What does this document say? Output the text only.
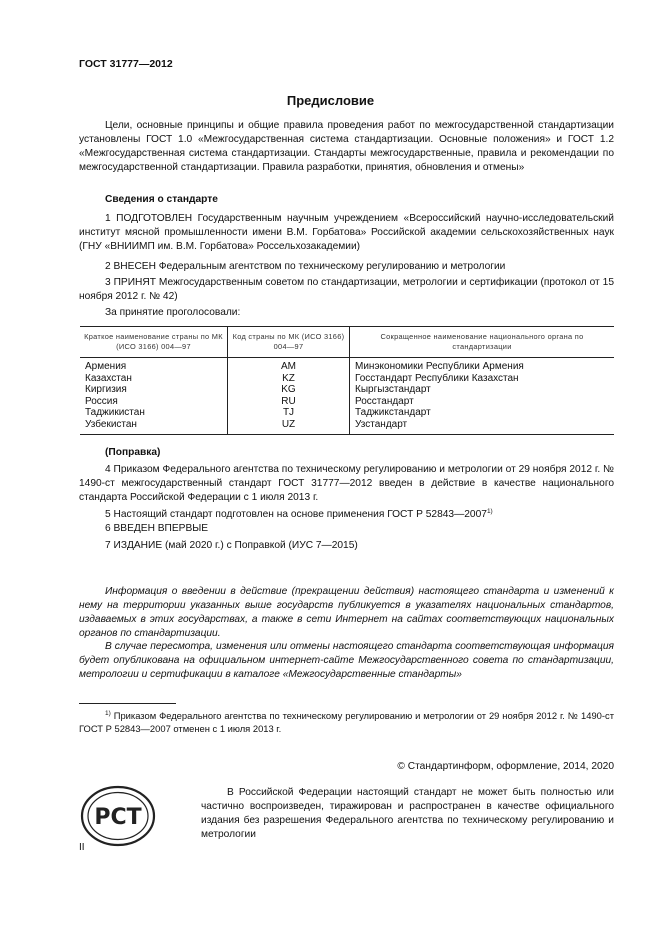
ГОСТ 31777—2012
Предисловие
Цели, основные принципы и общие правила проведения работ по межгосударственной стандартизации установлены ГОСТ 1.0 «Межгосударственная система стандартизации. Основные положения» и ГОСТ 1.2 «Межгосударственная система стандартизации. Стандарты межгосударственные, правила и рекомендации по межгосударственной стандартизации. Правила разработки, принятия, обновления и отмены»
Сведения о стандарте
1 ПОДГОТОВЛЕН Государственным научным учреждением «Всероссийский научно-исследовательский институт мясной промышленности имени В.М. Горбатова» Российской академии сельскохозяйственных наук (ГНУ «ВНИИМП им. В.М. Горбатова» Россельхозакадемии)
2 ВНЕСЕН Федеральным агентством по техническому регулированию и метрологии
3 ПРИНЯТ Межгосударственным советом по стандартизации, метрологии и сертификации (протокол от 15 ноября 2012 г. № 42)
За принятие проголосовали:
Краткое наименование страны по МК (ИСО 3166) 004—97	Код страны по МК (ИСО 3166) 004—97	Сокращенное наименование национального органа по стандартизации
Армения	AM	Минэкономики Республики Армения
Казахстан	KZ	Госстандарт Республики Казахстан
Киргизия	KG	Кыргызстандарт
Россия	RU	Росстандарт
Таджикистан	TJ	Таджикстандарт
Узбекистан	UZ	Узстандарт
(Поправка)
4 Приказом Федерального агентства по техническому регулированию и метрологии от 29 ноября 2012 г. № 1490-ст межгосударственный стандарт ГОСТ 31777—2012 введен в действие в качестве национального стандарта Российской Федерации с 1 июля 2013 г.
5 Настоящий стандарт подготовлен на основе применения ГОСТ Р 52843—2007$^{1)}$
6 ВВЕДЕН ВПЕРВЫЕ
7 ИЗДАНИЕ (май 2020 г.) с Поправкой (ИУС 7—2015)
Информация о введении в действие (прекращении действия) настоящего стандарта и изменений к нему на территории указанных выше государств публикуется в указателях национальных стандартов, издаваемых в этих государствах, а также в сети Интернет на сайтах соответствующих национальных органов по стандартизации.
В случае пересмотра, изменения или отмены настоящего стандарта соответствующая информация будет опубликована на официальном интернет-сайте Межгосударственного совета по стандартизации, метрологии и сертификации в каталоге «Межгосударственные стандарты»
$^{1)}$ Приказом Федерального агентства по техническому регулированию и метрологии от 29 ноября 2012 г. № 1490-ст ГОСТ Р 52843—2007 отменен с 1 июля 2013 г.
© Стандартинформ, оформление, 2014, 2020
РСТ
В Российской Федерации настоящий стандарт не может быть полностью или частично воспроизведен, тиражирован и распространен в качестве официального издания без разрешения Федерального агентства по техническому регулированию и метрологии
II
